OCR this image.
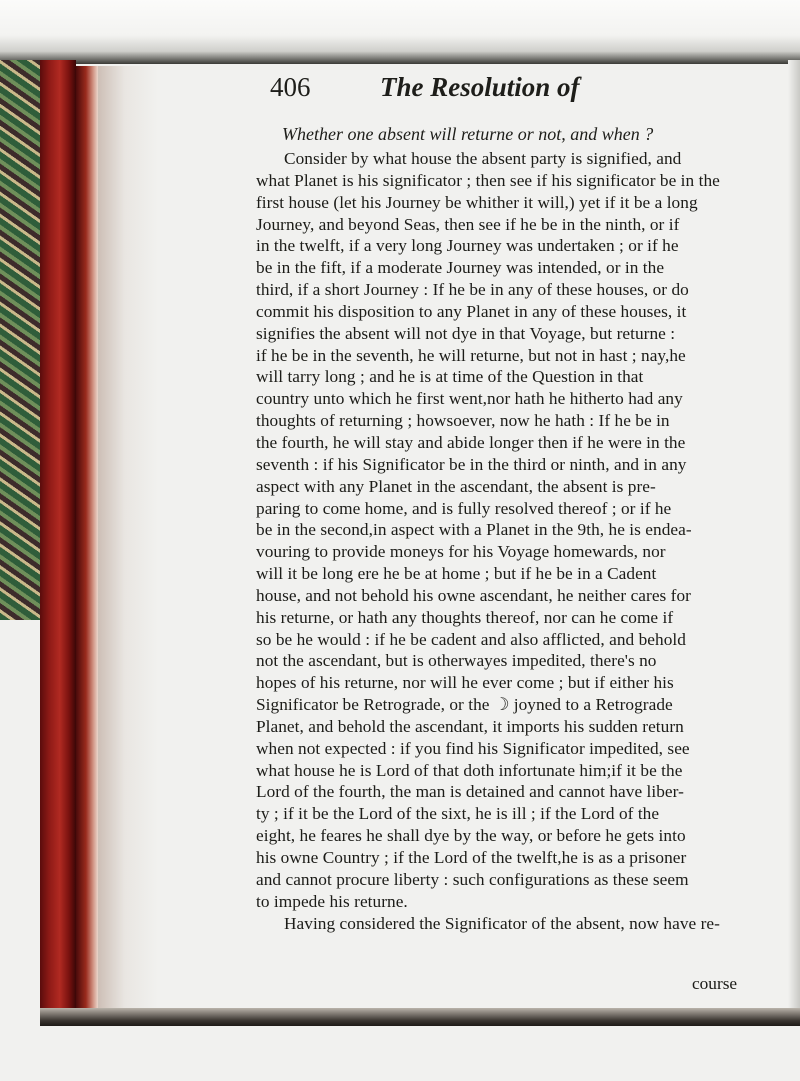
406	The Resolution of
Whether one absent will returne or not, and when ?
Consider by what house the absent party is signified, and
what Planet is his significator ; then see if his significator be in the
first house (let his Journey be whither it will,) yet if it be a long
Journey, and beyond Seas, then see if he be in the ninth, or if
in the twelft, if a very long Journey was undertaken ; or if he
be in the fift, if a moderate Journey was intended, or in the
third, if a short Journey : If he be in any of these houses, or do
commit his disposition to any Planet in any of these houses, it
signifies the absent will not dye in that Voyage, but returne :
if he be in the seventh, he will returne, but not in hast ; nay,he
will tarry long ; and he is at time of the Question in that
country unto which he first went,nor hath he hitherto had any
thoughts of returning ; howsoever, now he hath : If he be in
the fourth, he will stay and abide longer then if he were in the
seventh : if his Significator be in the third or ninth, and in any
aspect with any Planet in the ascendant, the absent is pre-
paring to come home, and is fully resolved thereof ; or if he
be in the second,in aspect with a Planet in the 9th, he is endea-
vouring to provide moneys for his Voyage homewards, nor
will it be long ere he be at home ; but if he be in a Cadent
house, and not behold his owne ascendant, he neither cares for
his returne, or hath any thoughts thereof, nor can he come if
so be he would : if he be cadent and also afflicted, and behold
not the ascendant, but is otherwayes impedited, there's no
hopes of his returne, nor will he ever come ; but if either his
Significator be Retrograde, or the ☽ joyned to a Retrograde
Planet, and behold the ascendant, it imports his sudden return
when not expected : if you find his Significator impedited, see
what house he is Lord of that doth infortunate him;if it be the
Lord of the fourth, the man is detained and cannot have liber-
ty ; if it be the Lord of the sixt, he is ill ; if the Lord of the
eight, he feares he shall dye by the way, or before he gets into
his owne Country ; if the Lord of the twelft,he is as a prisoner
and cannot procure liberty : such configurations as these seem
to impede his returne.
Having considered the Significator of the absent, now have re-
course
